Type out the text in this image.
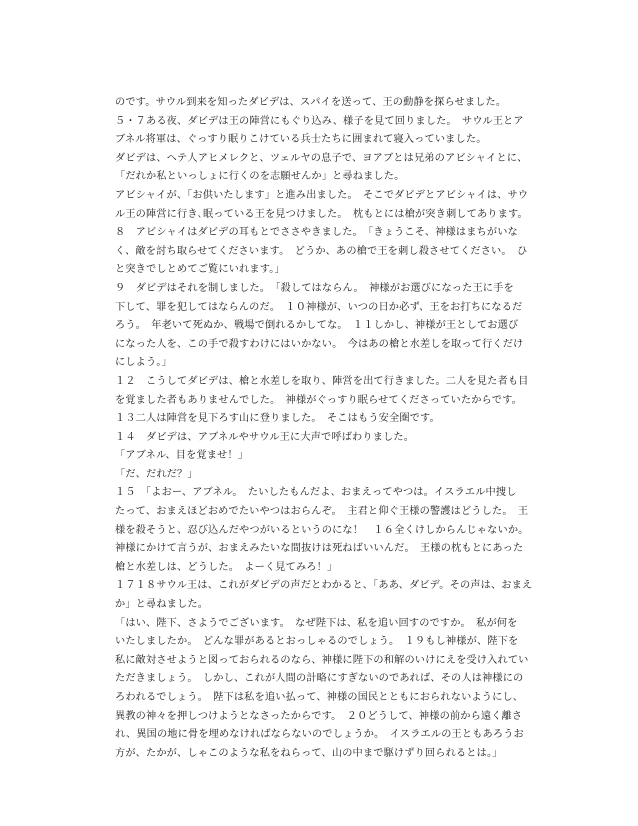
のです。サウル到来を知ったダビデは、スパイを送って、王の動静を探らせました。
５・７ある夜、ダビデは王の陣営にもぐり込み、様子を見て回りました。　サウル王とア
ブネル将軍は、ぐっすり眠りこけている兵士たちに囲まれて寝入っていました。
ダビデは、ヘテ人アヒメレクと、ツェルヤの息子で、ヨアブとは兄弟のアビシャイとに、
「だれか私といっしょに行くのを志願せんか」と尋ねました。
アビシャイが、「お供いたします」と進み出ました。　そこでダビデとアビシャイは、サウ
ル王の陣営に行き､眠っている王を見つけました。　枕もとには槍が突き刺してあります。
８　アビシャイはダビデの耳もとでささやきました。　「きょうこそ、神様はまちがいな
く、敵を討ち取らせてくださいます。　どうか、あの槍で王を刺し殺させてください。　ひ
と突きでしとめてご覧にいれます。」
９　ダビデはそれを制しました。　「殺してはならん。　神様がお選びになった王に手を
下して、罪を犯してはならんのだ。　１０神様が、いつの日か必ず、王をお打ちになるだ
ろう。　年老いて死ぬか、戦場で倒れるかしてな。　１１しかし、神様が王としてお選び
になった人を、この手で殺すわけにはいかない。　今はあの槍と水差しを取って行くだけ
にしよう。」
１２　こうしてダビデは、槍と水差しを取り、陣営を出て行きました。二人を見た者も目
を覚ました者もありませんでした。　神様がぐっすり眠らせてくださっていたからです。
１３二人は陣営を見下ろす山に登りました。　そこはもう安全圏です。
１４　ダビデは、アブネルやサウル王に大声で呼ばわりました。
「アブネル、目を覚ませ！」
「だ、だれだ？」
１５　「よおー、アブネル。　たいしたもんだよ、おまえってやつは。イスラエル中捜し
たって、おまえほどおめでたいやつはおらんぞ。　主君と仰ぐ王様の警護はどうした。　王
様を殺そうと、忍び込んだやつがいるというのにな！　１６全くけしからんじゃないか。
神様にかけて言うが、おまえみたいな間抜けは死ねばいいんだ。　王様の枕もとにあった
槍と水差しは、どうした。　よーく見てみろ！」
１７１８サウル王は、これがダビデの声だとわかると、「ああ、ダビデ。その声は、おまえ
か」と尋ねました。
「はい、陛下、さようでございます。　なぜ陛下は、私を追い回すのですか。　私が何を
いたしましたか。　どんな罪があるとおっしゃるのでしょう。　１９もし神様が、陛下を
私に敵対させようと図っておられるのなら、神様に陛下の和解のいけにえを受け入れてい
ただきましょう。　しかし、これが人間の計略にすぎないのであれば、その人は神様にの
ろわれるでしょう。　陛下は私を追い払って、神様の国民とともにおられないようにし、
異教の神々を押しつけようとなさったからです。　２０どうして、神様の前から遠く離さ
れ、異国の地に骨を埋めなければならないのでしょうか。　イスラエルの王ともあろうお
方が、たかが、しゃこのような私をねらって、山の中まで駆けずり回られるとは。」
